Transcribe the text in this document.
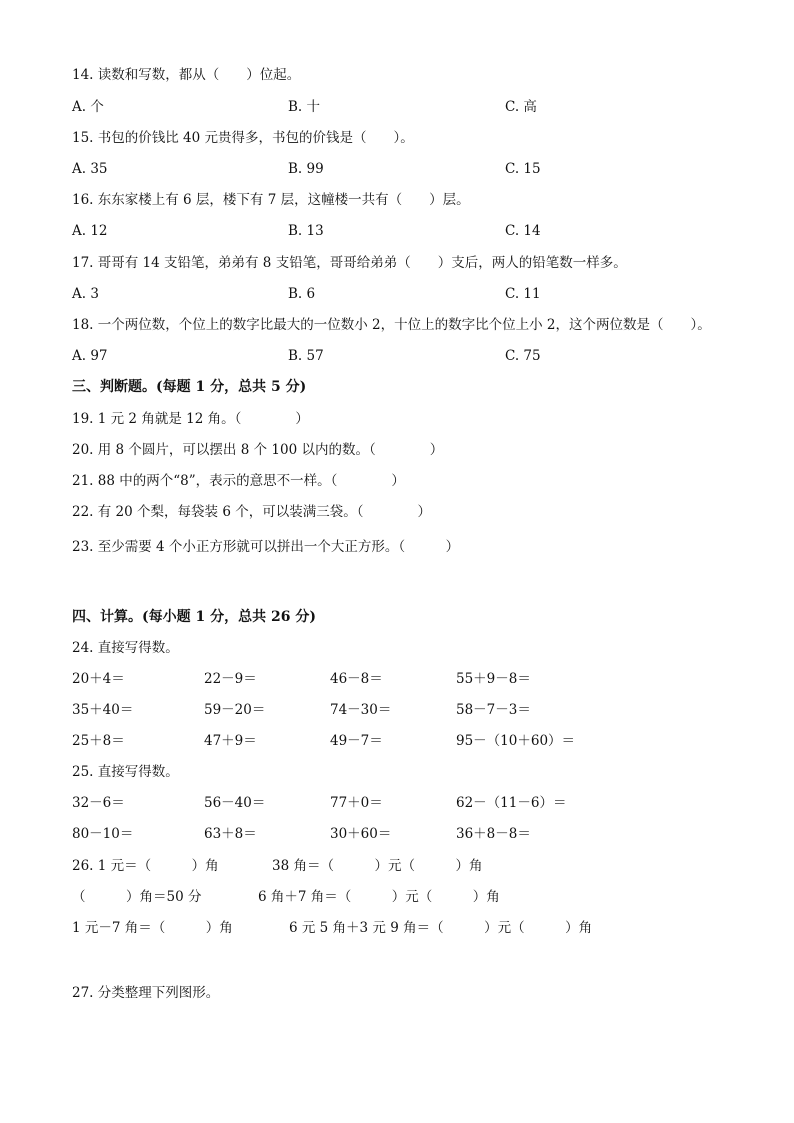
14. 读数和写数，都从（　　）位起。
A. 个	B. 十	C. 高
15. 书包的价钱比 40 元贵得多，书包的价钱是（　　）。
A. 35	B. 99	C. 15
16. 东东家楼上有 6 层，楼下有 7 层，这幢楼一共有（　　）层。
A. 12	B. 13	C. 14
17. 哥哥有 14 支铅笔，弟弟有 8 支铅笔，哥哥给弟弟（　　）支后，两人的铅笔数一样多。
A. 3	B. 6	C. 11
18. 一个两位数，个位上的数字比最大的一位数小 2，十位上的数字比个位上小 2，这个两位数是（　　）。
A. 97	B. 57	C. 75
三、判断题。(每题 1 分，总共 5 分)
19. 1 元 2 角就是 12 角。（　　　　）
20. 用 8 个圆片，可以摆出 8 个 100 以内的数。（　　　　）
21. 88 中的两个“8”，表示的意思不一样。（　　　　）
22. 有 20 个梨，每袋装 6 个，可以装满三袋。（　　　　）
23. 至少需要 4 个小正方形就可以拼出一个大正方形。（　　　）
四、计算。(每小题 1 分，总共 26 分)
24. 直接写得数。
20＋4＝	22－9＝	46－8＝	55＋9－8＝
35＋40＝	59－20＝	74－30＝	58－7－3＝
25＋8＝	47＋9＝	49－7＝	95－（10＋60）＝
25. 直接写得数。
32－6＝	56－40＝	77＋0＝	62－（11－6）＝
80－10＝	63＋8＝	30＋60＝	36＋8－8＝
26. 1 元＝（　　　）角	38 角＝（　　　）元（　　　）角
（　　　）角＝50 分	6 角＋7 角＝（　　　）元（　　　）角
1 元－7 角＝（　　　）角	6 元 5 角＋3 元 9 角＝（　　　）元（　　　）角
27. 分类整理下列图形。
